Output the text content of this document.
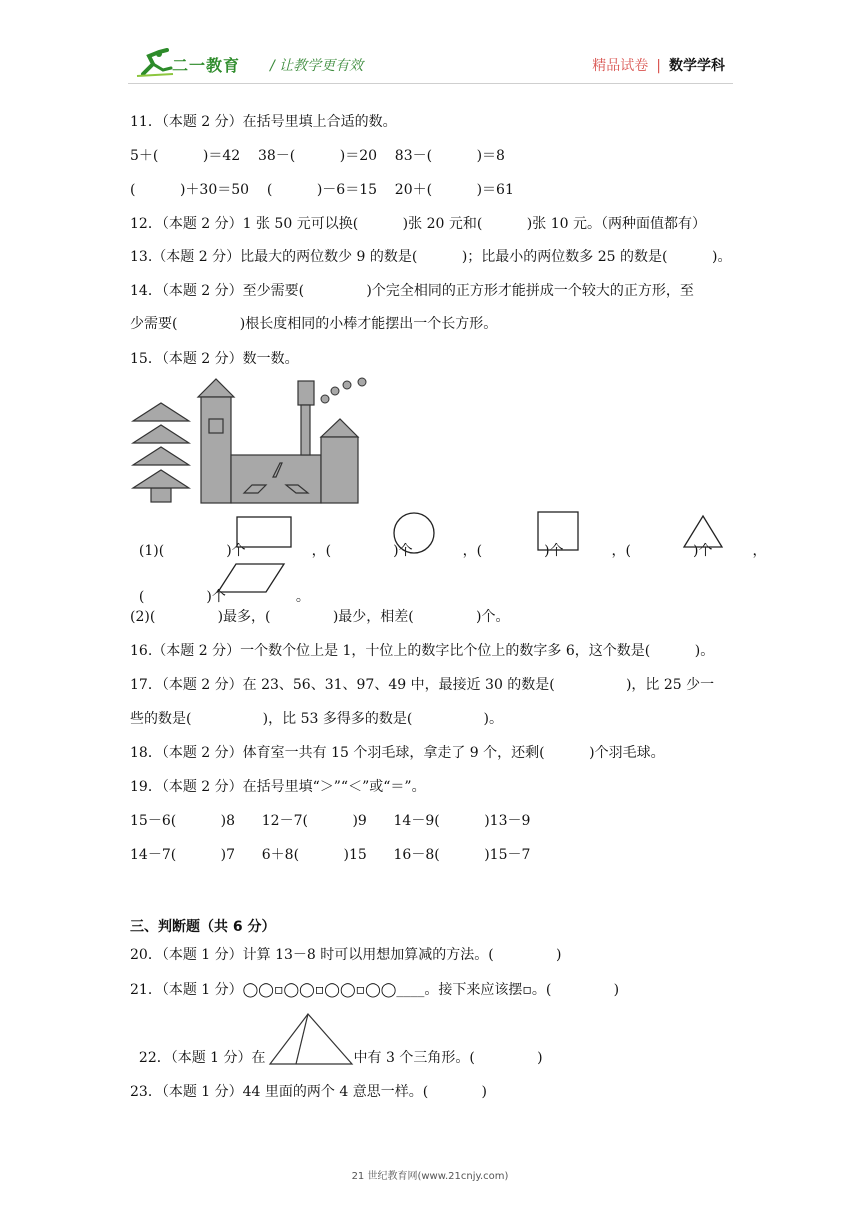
二一教育 / 让教学更有效	精品试卷 | 数学学科
11．（本题 2 分）在括号里填上合适的数。
5＋(          )＝42    38－(          )＝20    83－(          )＝8
(          )＋30＝50    (          )－6＝15    20＋(          )＝61
12．（本题 2 分）1 张 50 元可以换(          )张 20 元和(          )张 10 元。（两种面值都有）
13.（本题 2 分）比最大的两位数少 9 的数是(          )；比最小的两位数多 25 的数是(          )。
14．（本题 2 分）至少需要(              )个完全相同的正方形才能拼成一个较大的正方形，至
少需要(              )根长度相同的小棒才能摆出一个长方形。
15．（本题 2 分）数一数。

(1)(	)个	，(	)个	，(	)个	，(	)个	，

(	)个	。

(2)(              )最多，(              )最少，相差(              )个。
16.（本题 2 分）一个数个位上是 1，十位上的数字比个位上的数字多 6，这个数是(          )。
17．（本题 2 分）在 23、56、31、97、49 中，最接近 30 的数是(                )，比 25 少一
些的数是(                )，比 53 多得多的数是(                )。
18．（本题 2 分）体育室一共有 15 个羽毛球，拿走了 9 个，还剩(          )个羽毛球。
19．（本题 2 分）在括号里填“＞”“＜”或“＝”。
15－6(          )8      12－7(          )9      14－9(          )13－9
14－7(          )7      6＋8(          )15      16－8(          )15－7
三、判断题（共 6 分）
20．（本题 1 分）计算 13－8 时可以用想加算减的方法。(              )
21．（本题 1 分）◯◯▫◯◯▫◯◯▫◯◯____。接下来应该摆▫。(              )

22．（本题 1 分）在	中有 3 个三角形。(              )

23．（本题 1 分）44 里面的两个 4 意思一样。(            )
21 世纪教育网(www.21cnjy.com)
